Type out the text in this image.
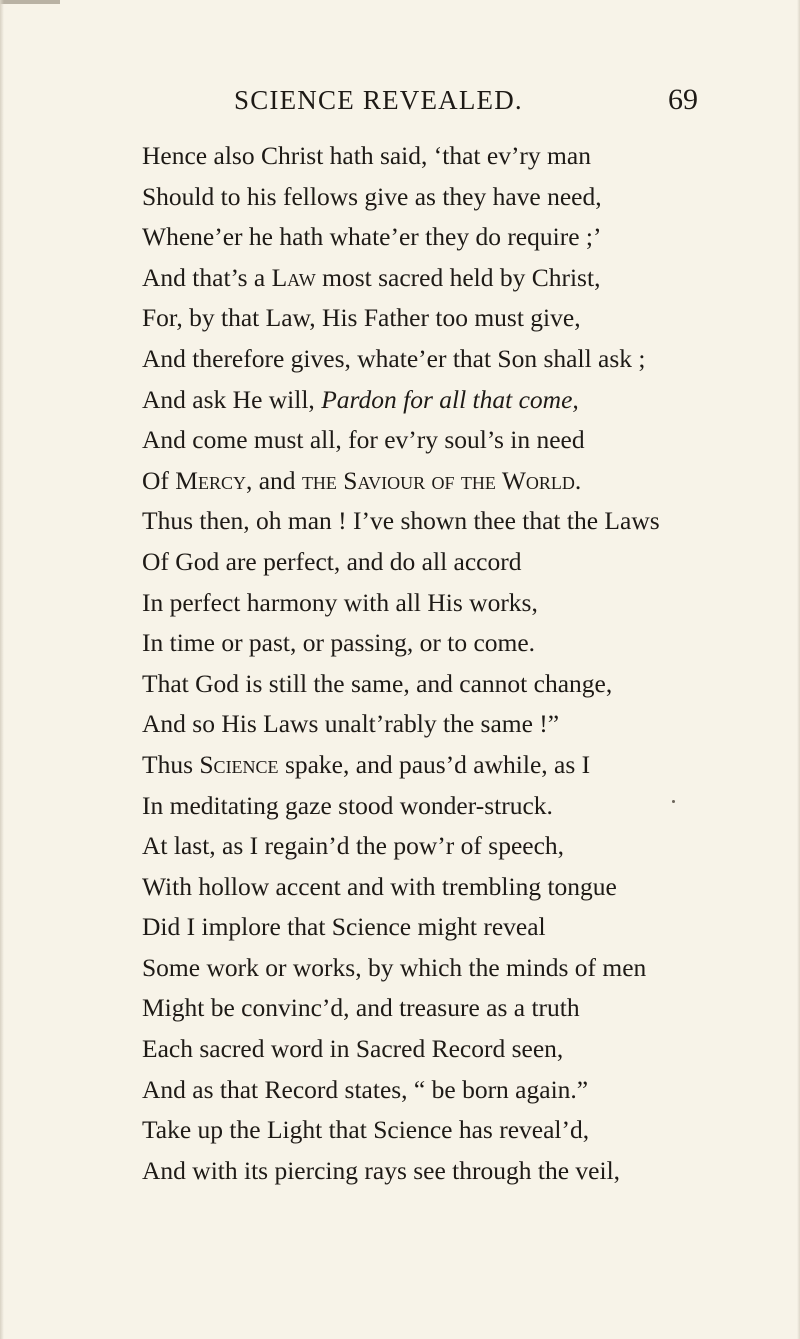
SCIENCE REVEALED.	69
Hence also Christ hath said, ‘that ev’ry man
Should to his fellows give as they have need,
Whene’er he hath whate’er they do require ;’
And that’s a Law most sacred held by Christ,
For, by that Law, His Father too must give,
And therefore gives, whate’er that Son shall ask ;
And ask He will, Pardon for all that come,
And come must all, for ev’ry soul’s in need
Of Mercy, and the Saviour of the World.
Thus then, oh man ! I’ve shown thee that the Laws
Of God are perfect, and do all accord
In perfect harmony with all His works,
In time or past, or passing, or to come.
That God is still the same, and cannot change,
And so His Laws unalt’rably the same !”
Thus Science spake, and paus’d awhile, as I
In meditating gaze stood wonder-struck.
At last, as I regain’d the pow’r of speech,
With hollow accent and with trembling tongue
Did I implore that Science might reveal
Some work or works, by which the minds of men
Might be convinc’d, and treasure as a truth
Each sacred word in Sacred Record seen,
And as that Record states, “ be born again.”
Take up the Light that Science has reveal’d,
And with its piercing rays see through the veil,
